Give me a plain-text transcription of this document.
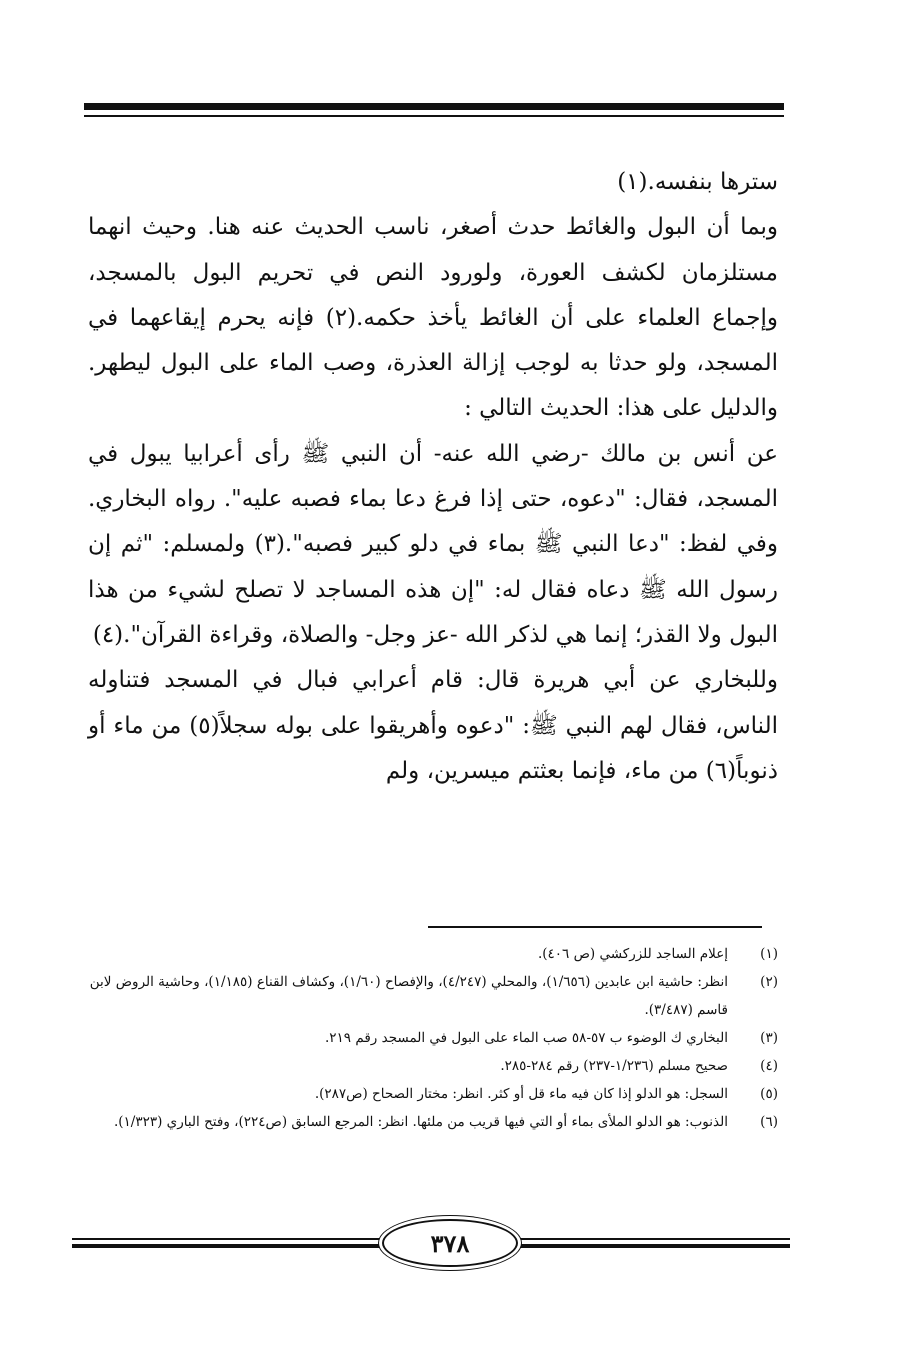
سترها بنفسه.(١)

وبما أن البول والغائط حدث أصغر، ناسب الحديث عنه هنا. وحيث انهما مستلزمان لكشف العورة، ولورود النص في تحريم البول بالمسجد، وإجماع العلماء على أن الغائط يأخذ حكمه.(٢) فإنه يحرم إيقاعهما في المسجد، ولو حدثا به لوجب إزالة العذرة، وصب الماء على البول ليطهر. والدليل على هذا: الحديث التالي :

عن أنس بن مالك -رضي الله عنه- أن النبي ﷺ رأى أعرابيا يبول في المسجد، فقال: "دعوه، حتى إذا فرغ دعا بماء فصبه عليه". رواه البخاري. وفي لفظ: "دعا النبي ﷺ بماء في دلو كبير فصبه".(٣) ولمسلم: "ثم إن رسول الله ﷺ دعاه فقال له: "إن هذه المساجد لا تصلح لشيء من هذا البول ولا القذر؛ إنما هي لذكر الله -عز وجل- والصلاة، وقراءة القرآن".(٤)

وللبخاري عن أبي هريرة قال: قام أعرابي فبال في المسجد فتناوله الناس، فقال لهم النبي ﷺ: "دعوه وأهريقوا على بوله سجلاً(٥) من ماء أو ذنوباً(٦) من ماء، فإنما بعثتم ميسرين، ولم

(١)
إعلام الساجد للزركشي (ص ٤٠٦).
(٢)
انظر: حاشية ابن عابدين (١/٦٥٦)، والمحلي (٤/٢٤٧)، والإفصاح (١/٦٠)، وكشاف القناع (١/١٨٥)، وحاشية الروض لابن قاسم (٣/٤٨٧).
(٣)
البخاري ك الوضوء ب ٥٧-٥٨ صب الماء على البول في المسجد رقم ٢١٩.
(٤)
صحيح مسلم (١/٢٣٦-٢٣٧) رقم ٢٨٤-٢٨٥.
(٥)
السجل: هو الدلو إذا كان فيه ماء قل أو كثر. انظر: مختار الصحاح (ص٢٨٧).
(٦)
الذنوب: هو الدلو الملأى بماء أو التي فيها قريب من ملئها. انظر: المرجع السابق (ص٢٢٤)، وفتح الباري (١/٣٢٣).
٣٧٨
